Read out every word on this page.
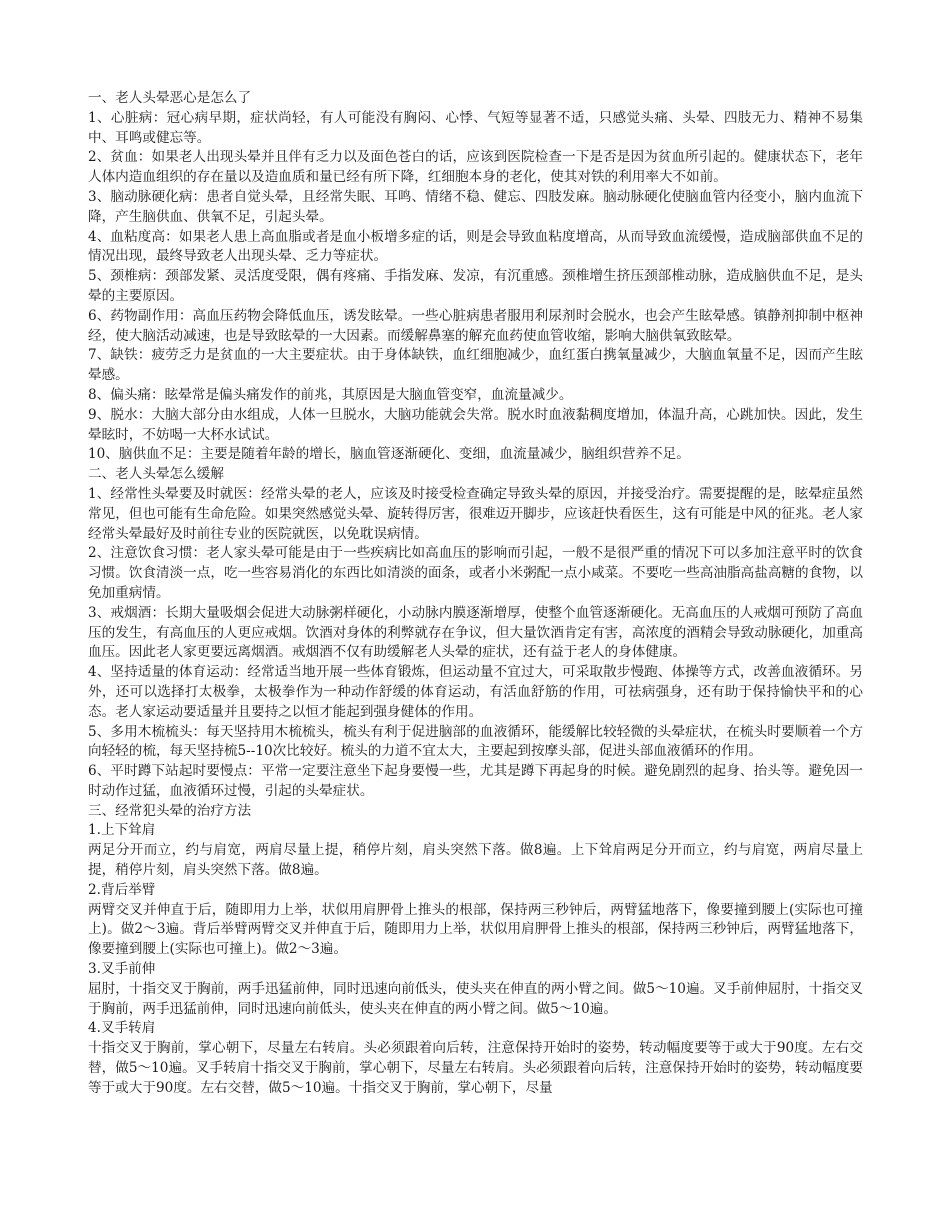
一、老人头晕恶心是怎么了

1、心脏病：冠心病早期，症状尚轻，有人可能没有胸闷、心悸、气短等显著不适，只感觉头痛、头晕、四肢无力、精神不易集中、耳鸣或健忘等。

2、贫血：如果老人出现头晕并且伴有乏力以及面色苍白的话，应该到医院检查一下是否是因为贫血所引起的。健康状态下，老年人体内造血组织的存在量以及造血质和量已经有所下降，红细胞本身的老化，使其对铁的利用率大不如前。

3、脑动脉硬化病：患者自觉头晕，且经常失眠、耳鸣、情绪不稳、健忘、四肢发麻。脑动脉硬化使脑血管内径变小，脑内血流下降，产生脑供血、供氧不足，引起头晕。

4、血粘度高：如果老人患上高血脂或者是血小板增多症的话，则是会导致血粘度增高，从而导致血流缓慢，造成脑部供血不足的情况出现，最终导致老人出现头晕、乏力等症状。

5、颈椎病：颈部发紧、灵活度受限，偶有疼痛、手指发麻、发凉，有沉重感。颈椎增生挤压颈部椎动脉，造成脑供血不足，是头晕的主要原因。

6、药物副作用：高血压药物会降低血压，诱发眩晕。一些心脏病患者服用利尿剂时会脱水，也会产生眩晕感。镇静剂抑制中枢神经，使大脑活动减速，也是导致眩晕的一大因素。而缓解鼻塞的解充血药使血管收缩，影响大脑供氧致眩晕。

7、缺铁：疲劳乏力是贫血的一大主要症状。由于身体缺铁，血红细胞减少，血红蛋白携氧量减少，大脑血氧量不足，因而产生眩晕感。

8、偏头痛：眩晕常是偏头痛发作的前兆，其原因是大脑血管变窄，血流量减少。

9、脱水：大脑大部分由水组成，人体一旦脱水，大脑功能就会失常。脱水时血液黏稠度增加，体温升高，心跳加快。因此，发生晕眩时，不妨喝一大杯水试试。

10、脑供血不足：主要是随着年龄的增长，脑血管逐渐硬化、变细，血流量减少，脑组织营养不足。

二、老人头晕怎么缓解

1、经常性头晕要及时就医：经常头晕的老人，应该及时接受检查确定导致头晕的原因，并接受治疗。需要提醒的是，眩晕症虽然常见，但也可能有生命危险。如果突然感觉头晕、旋转得厉害，很难迈开脚步，应该赶快看医生，这有可能是中风的征兆。老人家经常头晕最好及时前往专业的医院就医，以免耽误病情。

2、注意饮食习惯：老人家头晕可能是由于一些疾病比如高血压的影响而引起，一般不是很严重的情况下可以多加注意平时的饮食习惯。饮食清淡一点，吃一些容易消化的东西比如清淡的面条，或者小米粥配一点小咸菜。不要吃一些高油脂高盐高糖的食物，以免加重病情。

3、戒烟酒：长期大量吸烟会促进大动脉粥样硬化，小动脉内膜逐渐增厚，使整个血管逐渐硬化。无高血压的人戒烟可预防了高血压的发生，有高血压的人更应戒烟。饮酒对身体的利弊就存在争议，但大量饮酒肯定有害，高浓度的酒精会导致动脉硬化，加重高血压。因此老人家更要远离烟酒。戒烟酒不仅有助缓解老人头晕的症状，还有益于老人的身体健康。

4、坚持适量的体育运动：经常适当地开展一些体育锻炼，但运动量不宜过大，可采取散步慢跑、体操等方式，改善血液循环。另外，还可以选择打太极拳，太极拳作为一种动作舒缓的体育运动，有活血舒筋的作用，可祛病强身，还有助于保持愉快平和的心态。老人家运动要适量并且要持之以恒才能起到强身健体的作用。

5、多用木梳梳头：每天坚持用木梳梳头，梳头有利于促进脑部的血液循环，能缓解比较轻微的头晕症状，在梳头时要顺着一个方向轻轻的梳，每天坚持梳5--10次比较好。梳头的力道不宜太大，主要起到按摩头部，促进头部血液循环的作用。

6、平时蹲下站起时要慢点：平常一定要注意坐下起身要慢一些，尤其是蹲下再起身的时候。避免剧烈的起身、抬头等。避免因一时动作过猛，血液循环过慢，引起的头晕症状。

三、经常犯头晕的治疗方法

1.上下耸肩

两足分开而立，约与肩宽，两肩尽量上提，稍停片刻，肩头突然下落。做8遍。上下耸肩两足分开而立，约与肩宽，两肩尽量上提，稍停片刻，肩头突然下落。做8遍。

2.背后举臂

两臂交叉并伸直于后，随即用力上举，状似用肩胛骨上推头的根部，保持两三秒钟后，两臂猛地落下，像要撞到腰上(实际也可撞上)。做2～3遍。背后举臂两臂交叉并伸直于后，随即用力上举，状似用肩胛骨上推头的根部，保持两三秒钟后，两臂猛地落下，像要撞到腰上(实际也可撞上)。做2～3遍。

3.叉手前伸

屈肘，十指交叉于胸前，两手迅猛前伸，同时迅速向前低头，使头夹在伸直的两小臂之间。做5～10遍。叉手前伸屈肘，十指交叉于胸前，两手迅猛前伸，同时迅速向前低头，使头夹在伸直的两小臂之间。做5～10遍。

4.叉手转肩

十指交叉于胸前，掌心朝下，尽量左右转肩。头必须跟着向后转，注意保持开始时的姿势，转动幅度要等于或大于90度。左右交替，做5～10遍。叉手转肩十指交叉于胸前，掌心朝下，尽量左右转肩。头必须跟着向后转，注意保持开始时的姿势，转动幅度要等于或大于90度。左右交替，做5～10遍。十指交叉于胸前，掌心朝下，尽量
